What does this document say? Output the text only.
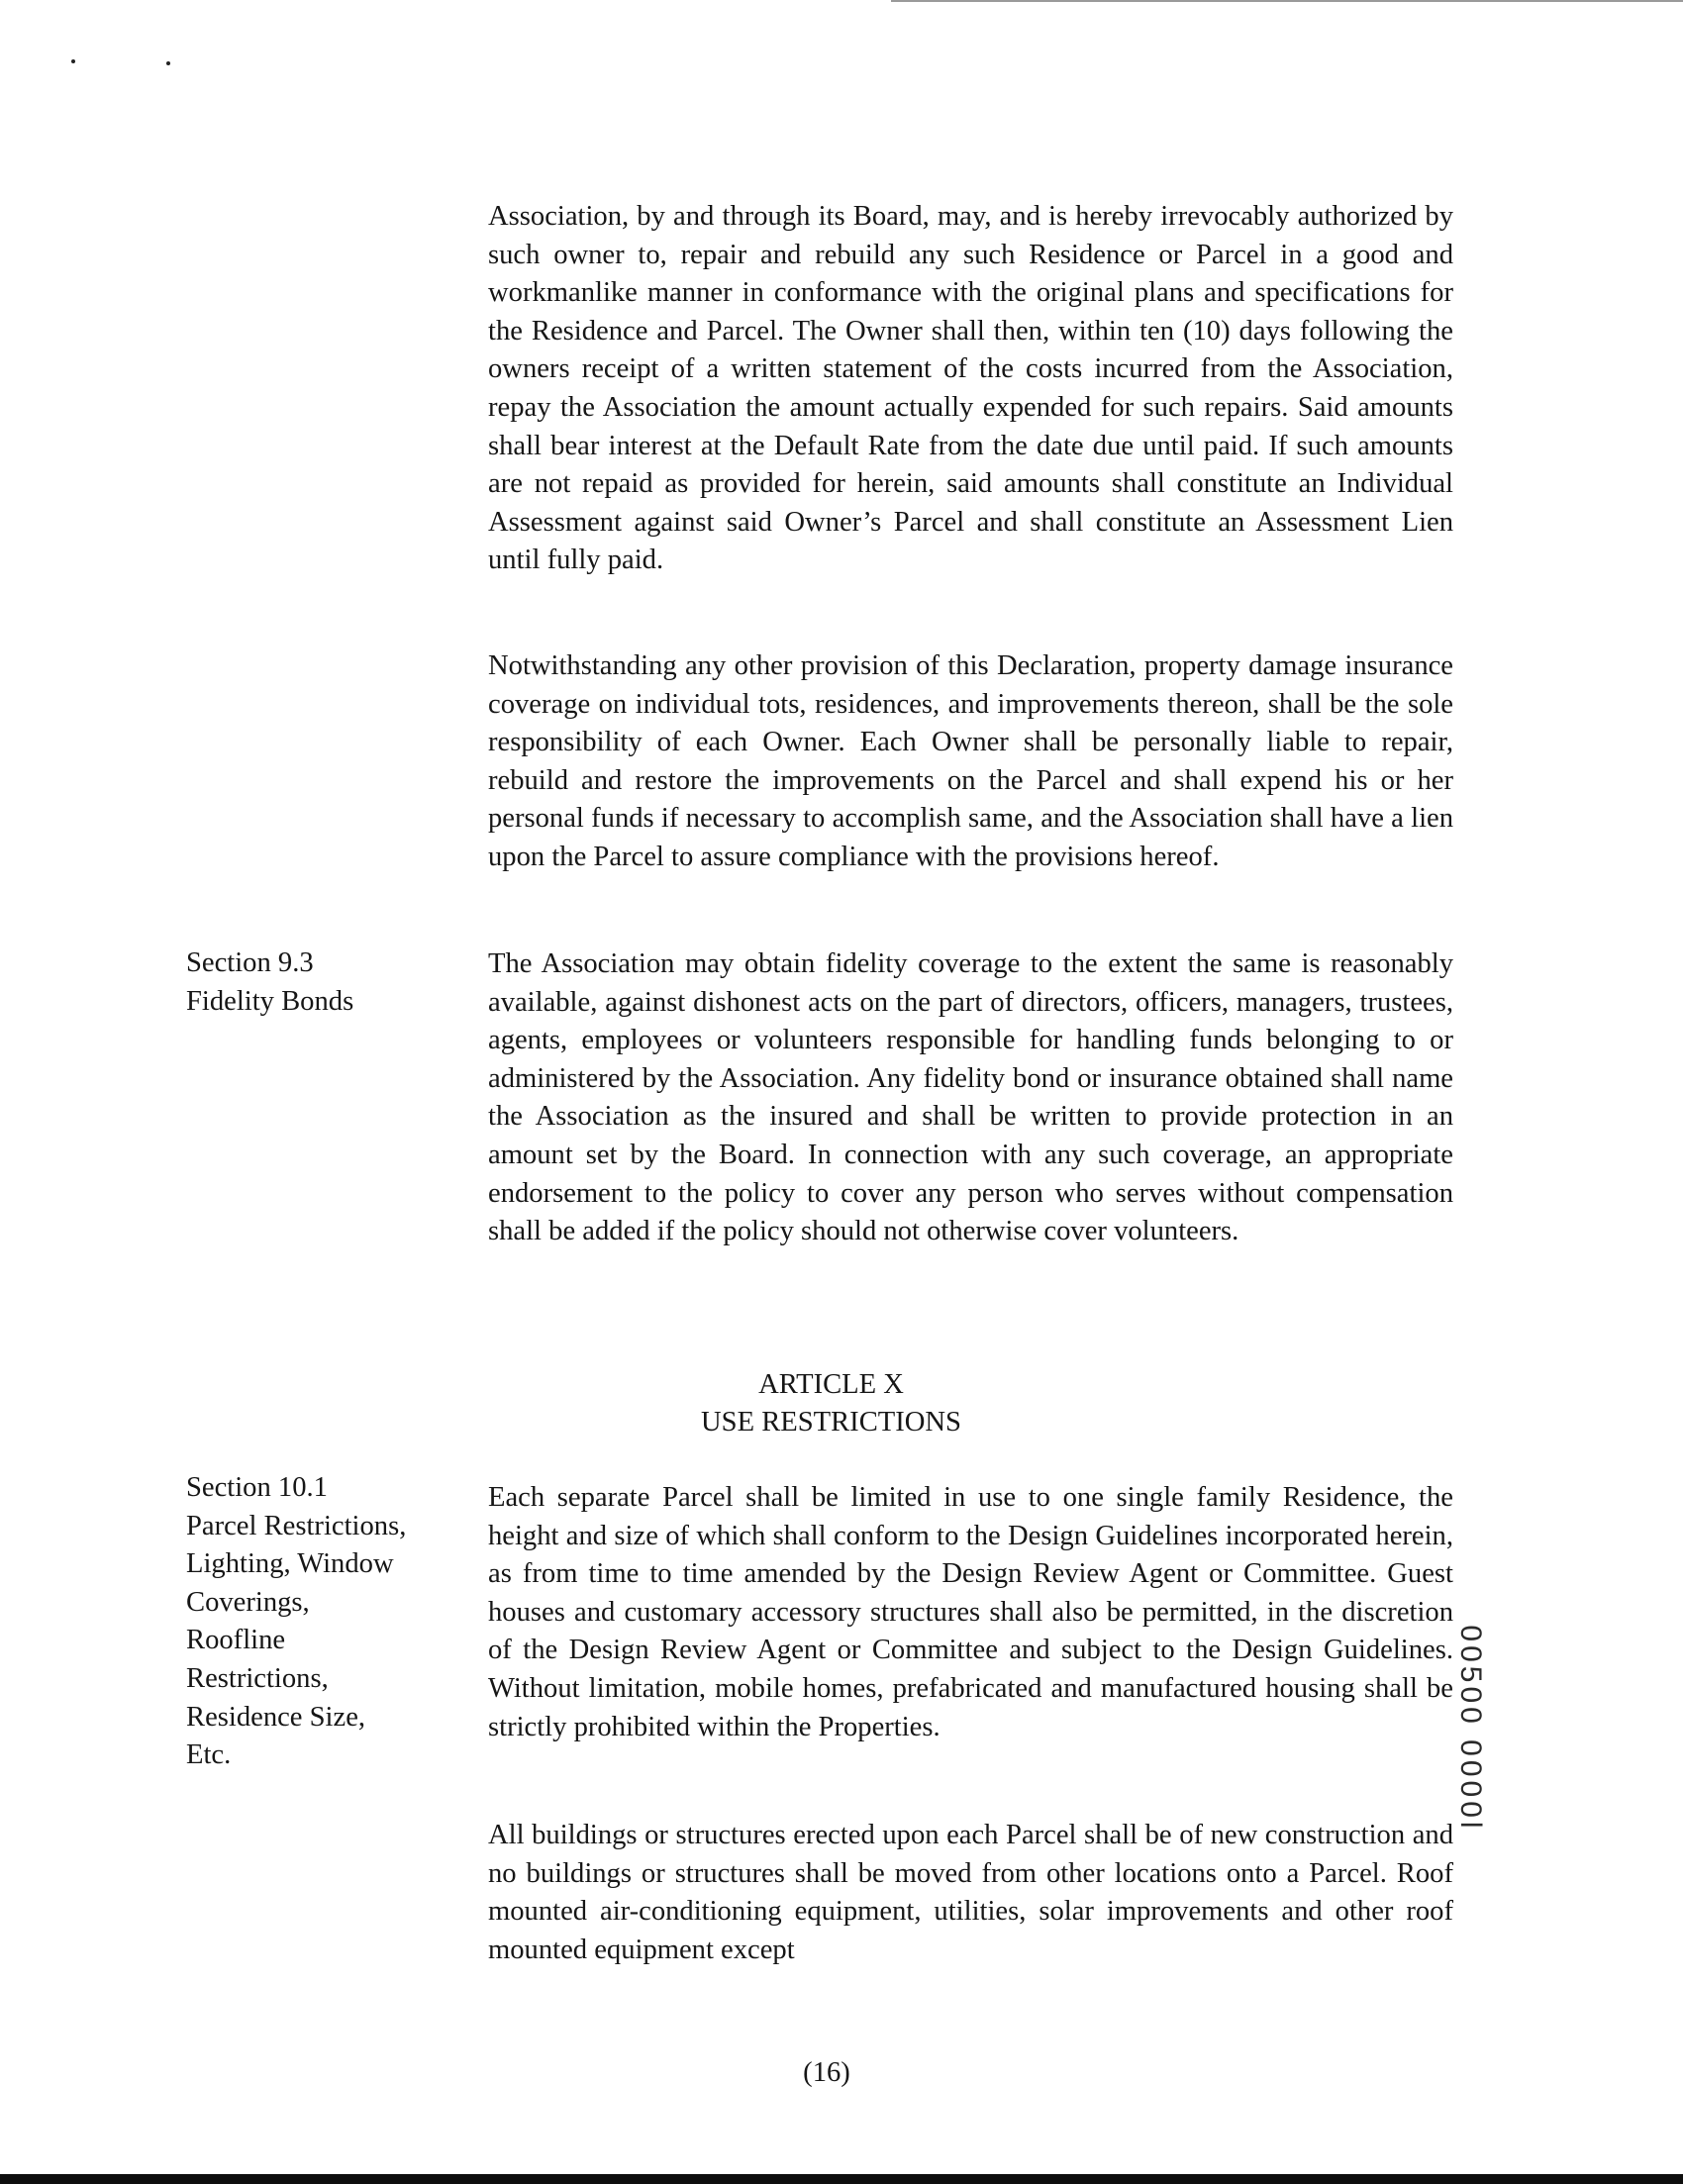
Association, by and through its Board, may, and is hereby irrevocably authorized by such owner to, repair and rebuild any such Residence or Parcel in a good and workmanlike manner in conformance with the original plans and specifications for the Residence and Parcel. The Owner shall then, within ten (10) days following the owners receipt of a written statement of the costs incurred from the Association, repay the Association the amount actually expended for such repairs. Said amounts shall bear interest at the Default Rate from the date due until paid. If such amounts are not repaid as provided for herein, said amounts shall constitute an Individual Assessment against said Owner’s Parcel and shall constitute an Assessment Lien until fully paid.

Notwithstanding any other provision of this Declaration, property damage insurance coverage on individual tots, residences, and improvements thereon, shall be the sole responsibility of each Owner. Each Owner shall be personally liable to repair, rebuild and restore the improvements on the Parcel and shall expend his or her personal funds if necessary to accomplish same, and the Association shall have a lien upon the Parcel to assure compliance with the provisions hereof.

Section 9.3
Fidelity Bonds

The Association may obtain fidelity coverage to the extent the same is reasonably available, against dishonest acts on the part of directors, officers, managers, trustees, agents, employees or volunteers responsible for handling funds belonging to or administered by the Association. Any fidelity bond or insurance obtained shall name the Association as the insured and shall be written to provide protection in an amount set by the Board. In connection with any such coverage, an appropriate endorsement to the policy to cover any person who serves without compensation shall be added if the policy should not otherwise cover volunteers.

ARTICLE X

USE RESTRICTIONS

Section 10.1
Parcel Restrictions,
Lighting, Window
Coverings,
Roofline
Restrictions,
Residence Size,
Etc.

Each separate Parcel shall be limited in use to one single family Residence, the height and size of which shall conform to the Design Guidelines incorporated herein, as from time to time amended by the Design Review Agent or Committee. Guest houses and customary accessory structures shall also be permitted, in the discretion of the Design Review Agent or Committee and subject to the Design Guidelines. Without limitation, mobile homes, prefabricated and manufactured housing shall be strictly prohibited within the Properties.

All buildings or structures erected upon each Parcel shall be of new construction and no buildings or structures shall be moved from other locations onto a Parcel. Roof mounted air-conditioning equipment, utilities, solar improvements and other roof mounted equipment except

(16)
00500 0000l
